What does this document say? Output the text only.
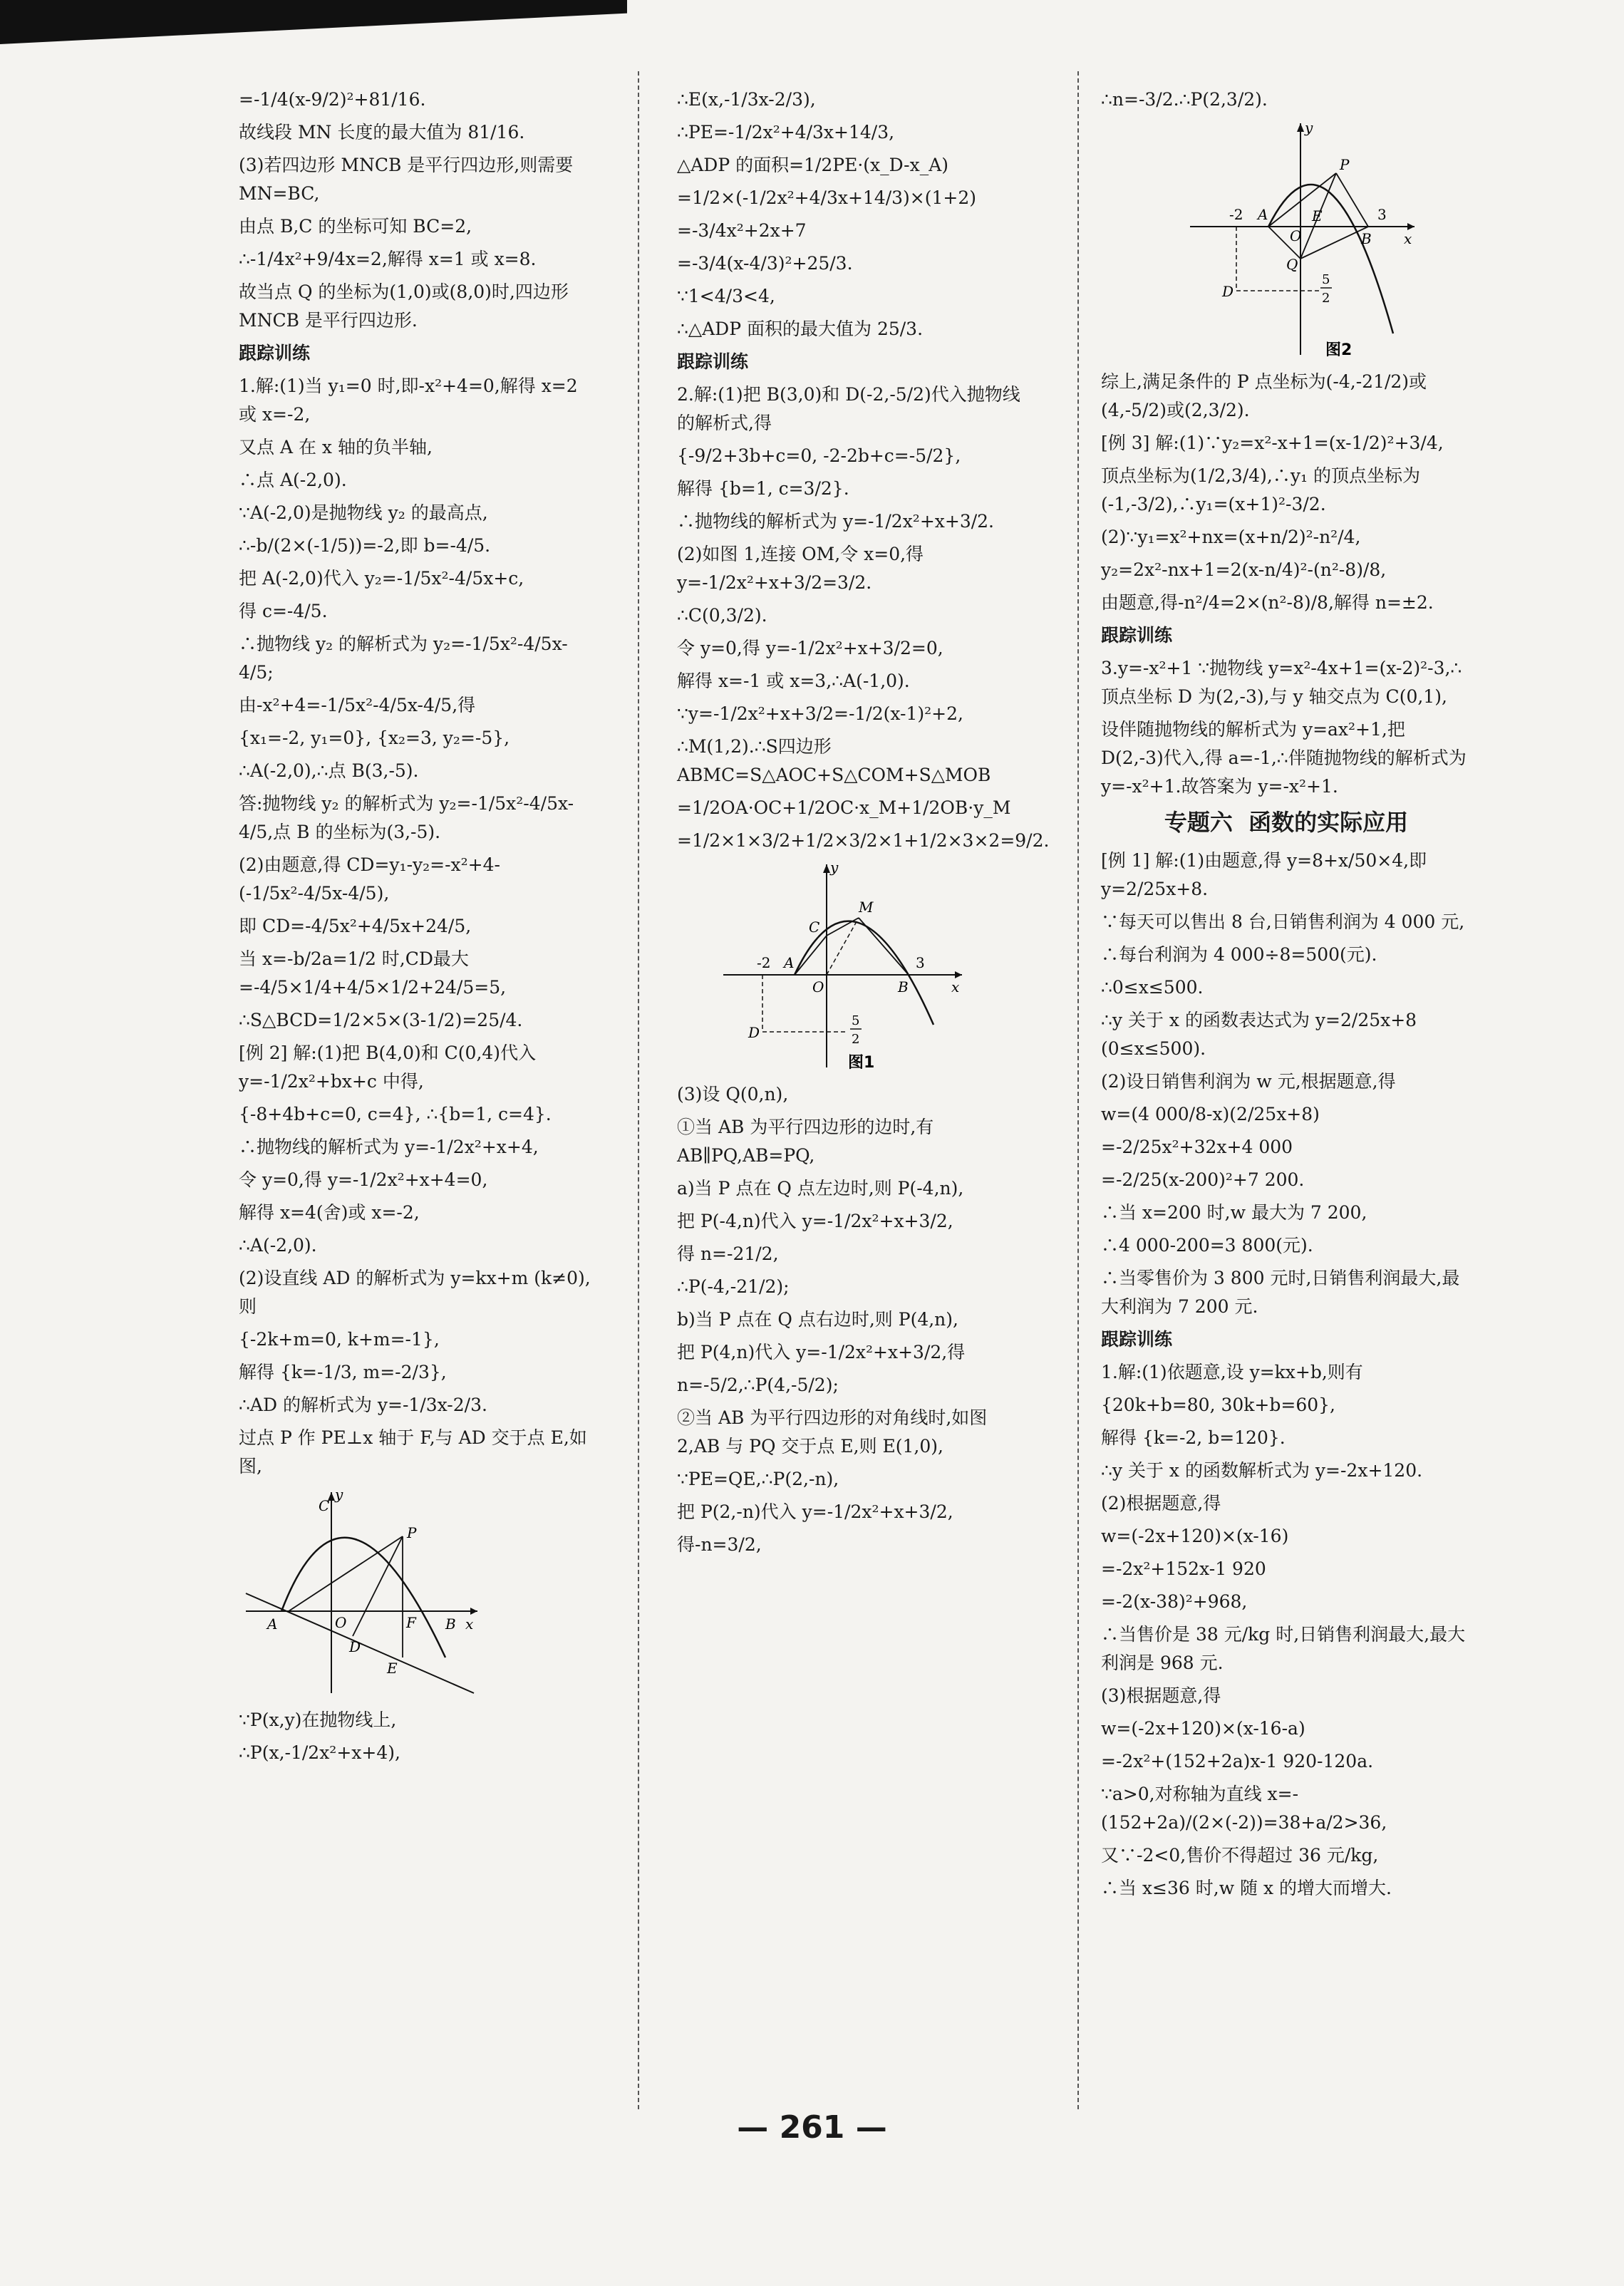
=-1/4(x-9/2)²+81/16.

故线段 MN 长度的最大值为 81/16.

(3)若四边形 MNCB 是平行四边形,则需要 MN=BC,

由点 B,C 的坐标可知 BC=2,

∴-1/4x²+9/4x=2,解得 x=1 或 x=8.

故当点 Q 的坐标为(1,0)或(8,0)时,四边形 MNCB 是平行四边形.

跟踪训练

1.解:(1)当 y₁=0 时,即-x²+4=0,解得 x=2或 x=-2,

又点 A 在 x 轴的负半轴,

∴点 A(-2,0).

∵A(-2,0)是抛物线 y₂ 的最高点,

∴-b/(2×(-1/5))=-2,即 b=-4/5.

把 A(-2,0)代入 y₂=-1/5x²-4/5x+c,

得 c=-4/5.

∴抛物线 y₂ 的解析式为 y₂=-1/5x²-4/5x-4/5;

由-x²+4=-1/5x²-4/5x-4/5,得

{x₁=-2, y₁=0}, {x₂=3, y₂=-5},

∴A(-2,0),∴点 B(3,-5).

答:抛物线 y₂ 的解析式为 y₂=-1/5x²-4/5x-4/5,点 B 的坐标为(3,-5).

(2)由题意,得 CD=y₁-y₂=-x²+4-(-1/5x²-4/5x-4/5),

即 CD=-4/5x²+4/5x+24/5,

当 x=-b/2a=1/2 时,CD最大=-4/5×1/4+4/5×1/2+24/5=5,

∴S△BCD=1/2×5×(3-1/2)=25/4.

[例 2] 解:(1)把 B(4,0)和 C(0,4)代入 y=-1/2x²+bx+c 中得,

{-8+4b+c=0, c=4}, ∴{b=1, c=4}.

∴抛物线的解析式为 y=-1/2x²+x+4,

令 y=0,得 y=-1/2x²+x+4=0,

解得 x=4(舍)或 x=-2,

∴A(-2,0).

(2)设直线 AD 的解析式为 y=kx+m (k≠0),则

{-2k+m=0, k+m=-1},

解得 {k=-1/3, m=-2/3},

∴AD 的解析式为 y=-1/3x-2/3.

过点 P 作 PE⊥x 轴于 F,与 AD 交于点 E,如图,

y
x
C
P
A	O	F B
D
E

∵P(x,y)在抛物线上,

∴P(x,-1/2x²+x+4),

∴E(x,-1/3x-2/3),

∴PE=-1/2x²+4/3x+14/3,

△ADP 的面积=1/2PE·(x_D-x_A)

=1/2×(-1/2x²+4/3x+14/3)×(1+2)

=-3/4x²+2x+7

=-3/4(x-4/3)²+25/3.

∵1<4/3<4,

∴△ADP 面积的最大值为 25/3.

跟踪训练

2.解:(1)把 B(3,0)和 D(-2,-5/2)代入抛物线的解析式,得

{-9/2+3b+c=0, -2-2b+c=-5/2},

解得 {b=1, c=3/2}.

∴抛物线的解析式为 y=-1/2x²+x+3/2.

(2)如图 1,连接 OM,令 x=0,得 y=-1/2x²+x+3/2=3/2.

∴C(0,3/2).

令 y=0,得 y=-1/2x²+x+3/2=0,

解得 x=-1 或 x=3,∴A(-1,0).

∵y=-1/2x²+x+3/2=-1/2(x-1)²+2,

∴M(1,2).∴S四边形ABMC=S△AOC+S△COM+S△MOB

=1/2OA·OC+1/2OC·x_M+1/2OB·y_M

=1/2×1×3/2+1/2×3/2×1+1/2×3×2=9/2.

y
x
C
M
-2 A
O	B
3
D
5
2
图1

(3)设 Q(0,n),

①当 AB 为平行四边形的边时,有 AB∥PQ,AB=PQ,

a)当 P 点在 Q 点左边时,则 P(-4,n),

把 P(-4,n)代入 y=-1/2x²+x+3/2,

得 n=-21/2,

∴P(-4,-21/2);

b)当 P 点在 Q 点右边时,则 P(4,n),

把 P(4,n)代入 y=-1/2x²+x+3/2,得

n=-5/2,∴P(4,-5/2);

②当 AB 为平行四边形的对角线时,如图 2,AB 与 PQ 交于点 E,则 E(1,0),

∵PE=QE,∴P(2,-n),

把 P(2,-n)代入 y=-1/2x²+x+3/2,

得-n=3/2,

∴n=-3/2.∴P(2,3/2).

y
x
P
-2 A	E
O	B
3
Q
D
5
2
图2

综上,满足条件的 P 点坐标为(-4,-21/2)或(4,-5/2)或(2,3/2).

[例 3] 解:(1)∵y₂=x²-x+1=(x-1/2)²+3/4,

顶点坐标为(1/2,3/4),∴y₁ 的顶点坐标为(-1,-3/2),∴y₁=(x+1)²-3/2.

(2)∵y₁=x²+nx=(x+n/2)²-n²/4,

y₂=2x²-nx+1=2(x-n/4)²-(n²-8)/8,

由题意,得-n²/4=2×(n²-8)/8,解得 n=±2.

跟踪训练

3.y=-x²+1 ∵抛物线 y=x²-4x+1=(x-2)²-3,∴顶点坐标 D 为(2,-3),与 y 轴交点为 C(0,1),

设伴随抛物线的解析式为 y=ax²+1,把 D(2,-3)代入,得 a=-1,∴伴随抛物线的解析式为 y=-x²+1.故答案为 y=-x²+1.

专题六  函数的实际应用

[例 1] 解:(1)由题意,得 y=8+x/50×4,即 y=2/25x+8.

∵每天可以售出 8 台,日销售利润为 4 000 元,

∴每台利润为 4 000÷8=500(元).

∴0≤x≤500.

∴y 关于 x 的函数表达式为 y=2/25x+8 (0≤x≤500).

(2)设日销售利润为 w 元,根据题意,得

w=(4 000/8-x)(2/25x+8)

=-2/25x²+32x+4 000

=-2/25(x-200)²+7 200.

∴当 x=200 时,w 最大为 7 200,

∴4 000-200=3 800(元).

∴当零售价为 3 800 元时,日销售利润最大,最大利润为 7 200 元.

跟踪训练

1.解:(1)依题意,设 y=kx+b,则有

{20k+b=80, 30k+b=60},

解得 {k=-2, b=120}.

∴y 关于 x 的函数解析式为 y=-2x+120.

(2)根据题意,得

w=(-2x+120)×(x-16)

=-2x²+152x-1 920

=-2(x-38)²+968,

∴当售价是 38 元/kg 时,日销售利润最大,最大利润是 968 元.

(3)根据题意,得

w=(-2x+120)×(x-16-a)

=-2x²+(152+2a)x-1 920-120a.

∵a>0,对称轴为直线 x=-(152+2a)/(2×(-2))=38+a/2>36,

又∵-2<0,售价不得超过 36 元/kg,

∴当 x≤36 时,w 随 x 的增大而增大.

— 261 —
